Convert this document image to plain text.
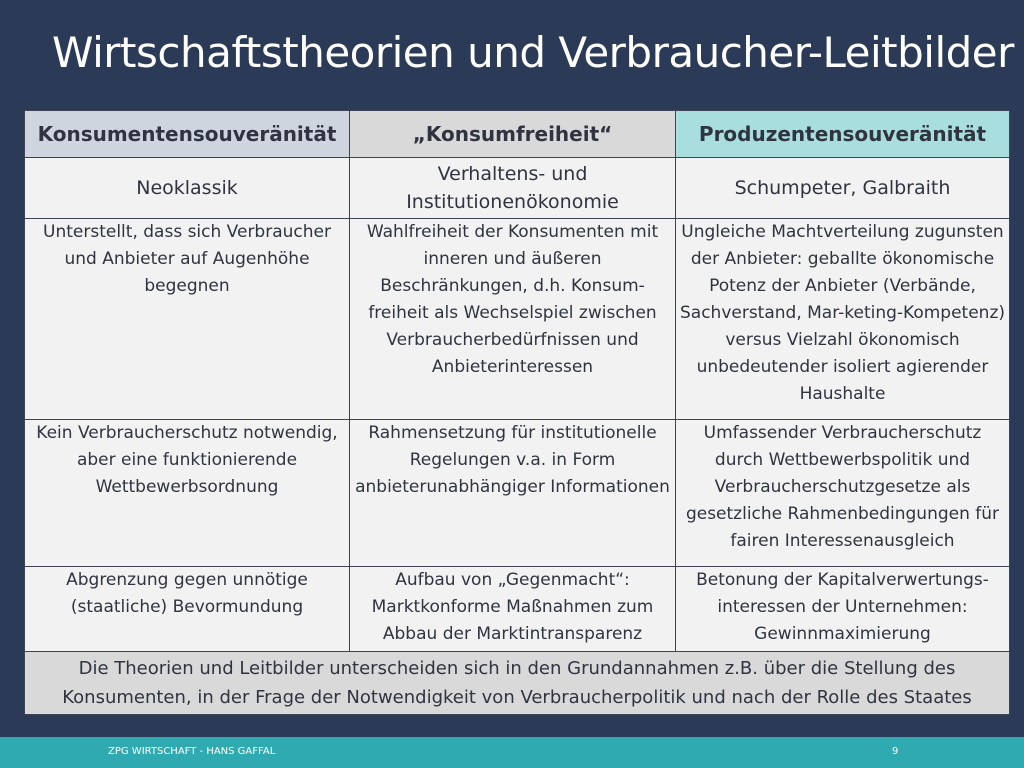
Wirtschaftstheorien und Verbraucher-Leitbilder
Konsumentensouveränität	„Konsumfreiheit“	Produzentensouveränität
Neoklassik	Verhaltens- und Institutionenökonomie	Schumpeter, Galbraith
Unterstellt, dass sich Verbraucher und Anbieter auf Augenhöhe begegnen	Wahlfreiheit der Konsumenten mit inneren und äußeren Beschränkungen, d.h. Konsum-freiheit als Wechselspiel zwischen Verbraucherbedürfnissen und Anbieterinteressen	Ungleiche Machtverteilung zugunsten der Anbieter: geballte ökonomische Potenz der Anbieter (Verbände, Sachverstand, Mar-keting-Kompetenz) versus Vielzahl ökonomisch unbedeutender isoliert agierender Haushalte
Kein Verbraucherschutz notwendig, aber eine funktionierende Wettbewerbsordnung	Rahmensetzung für institutionelle Regelungen v.a. in Form anbieterunabhängiger Informationen	Umfassender Verbraucherschutz durch Wettbewerbspolitik und Verbraucherschutzgesetze als gesetzliche Rahmenbedingungen für fairen Interessenausgleich
Abgrenzung gegen unnötige (staatliche) Bevormundung	Aufbau von „Gegenmacht“: Marktkonforme Maßnahmen zum Abbau der Marktintransparenz	Betonung der Kapitalverwertungs-interessen der Unternehmen: Gewinnmaximierung
Die Theorien und Leitbilder unterscheiden sich in den Grundannahmen z.B. über die Stellung des Konsumenten, in der Frage der Notwendigkeit von Verbraucherpolitik und nach der Rolle des Staates		
ZPG WIRTSCHAFT - HANS GAFFAL	9
